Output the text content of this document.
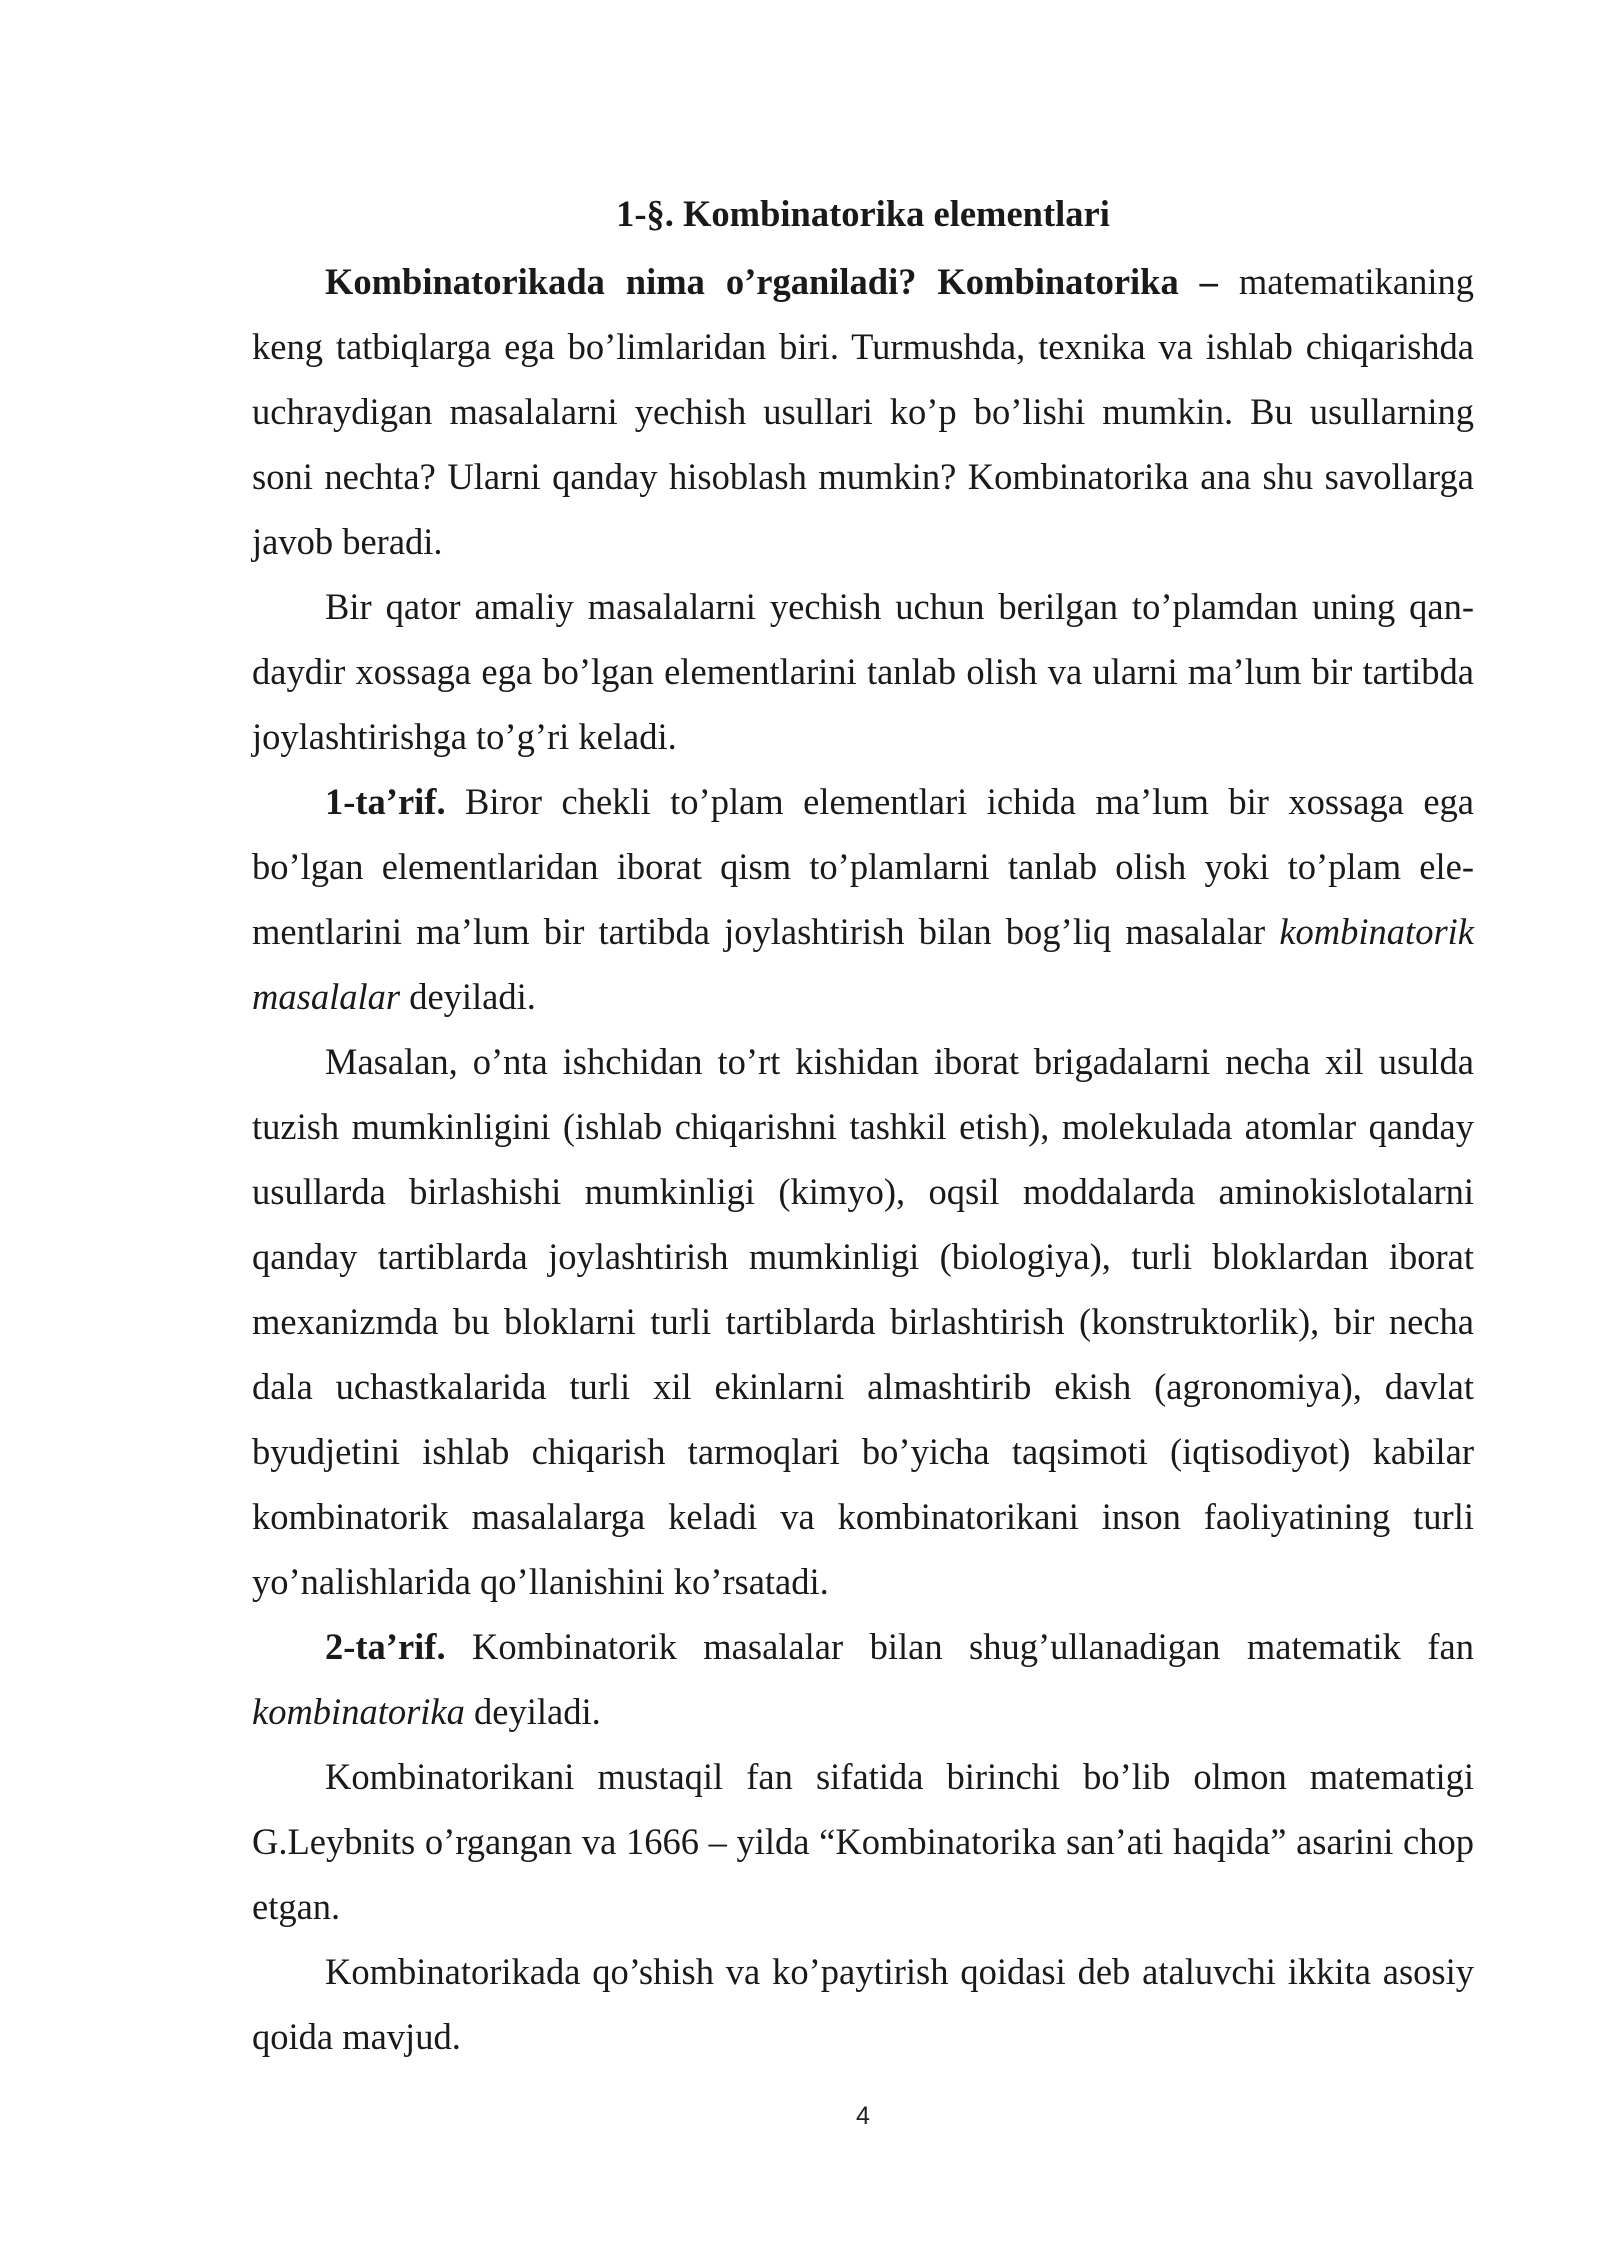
1-§. Kombinatorika elementlari

Kombinatorikada nima o’rganiladi? Kombinatorika – matematikaning keng tatbiqlarga ega bo’limlaridan biri. Turmushda, texnika va ishlab chiqarishda uchraydigan masalalarni yechish usullari ko’p bo’lishi mumkin. Bu usullarning soni nechta? Ularni qanday hisoblash mumkin? Kombinatorika ana shu savollarga javob beradi.

Bir qator amaliy masalalarni yechish uchun berilgan to’plamdan uning qandaydir xossaga ega bo’lgan elementlarini tanlab olish va ularni ma’lum bir tartibda joylashtirishga to’g’ri keladi.

1-ta’rif. Biror chekli to’plam elementlari ichida ma’lum bir xossaga ega bo’lgan elementlaridan iborat qism to’plamlarni tanlab olish yoki to’plam elementlarini ma’lum bir tartibda joylashtirish bilan bog’liq masalalar kombinatorik masalalar deyiladi.

Masalan, o’nta ishchidan to’rt kishidan iborat brigadalarni necha xil usulda tuzish mumkinligini (ishlab chiqarishni tashkil etish), molekulada atomlar qanday usullarda birlashishi mumkinligi (kimyo), oqsil moddalarda aminokislotalarni qanday tartiblarda joylashtirish mumkinligi (biologiya), turli bloklardan iborat mexanizmda bu bloklarni turli tartiblarda birlashtirish (konstruktorlik), bir necha dala uchastkalarida turli xil ekinlarni almashtirib ekish (agronomiya), davlat byudjetini ishlab chiqarish tarmoqlari bo’yicha taqsimoti (iqtisodiyot) kabilar kombinatorik masalalarga keladi va kombinatorikani inson faoliyatining turli yo’nalishlarida qo’llanishini ko’rsatadi.

2-ta’rif. Kombinatorik masalalar bilan shug’ullanadigan matematik fan kombinatorika deyiladi.

Kombinatorikani mustaqil fan sifatida birinchi bo’lib olmon matematigi G.Leybnits o’rgangan va 1666 – yilda “Kombinatorika san’ati haqida” asarini chop etgan.

Kombinatorikada qo’shish va ko’paytirish qoidasi deb ataluvchi ikkita asosiy qoida mavjud.

4
